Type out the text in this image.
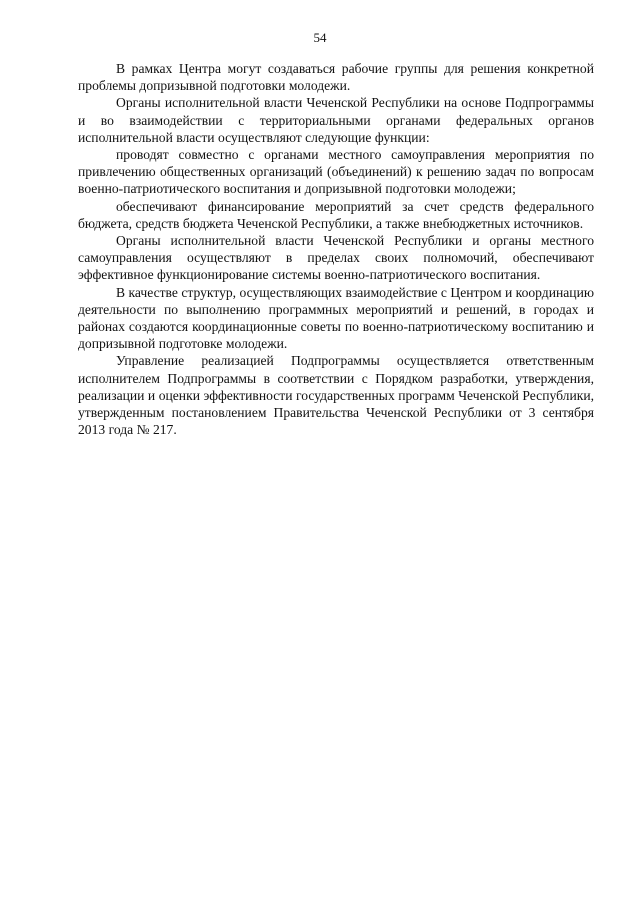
54

В рамках Центра могут создаваться рабочие группы для решения конкретной проблемы допризывной подготовки молодежи.

Органы исполнительной власти Чеченской Республики на основе Подпрограммы и во взаимодействии с территориальными органами федеральных органов исполнительной власти осуществляют следующие функции:

проводят совместно с органами местного самоуправления мероприятия по привлечению общественных организаций (объединений) к решению задач по вопросам военно-патриотического воспитания и допризывной подготовки молодежи;

обеспечивают финансирование мероприятий за счет средств федерального бюджета, средств бюджета Чеченской Республики, а также внебюджетных источников.

Органы исполнительной власти Чеченской Республики и органы местного самоуправления осуществляют в пределах своих полномочий, обеспечивают эффективное функционирование системы военно-патриотического воспитания.

В качестве структур, осуществляющих взаимодействие с Центром и координацию деятельности по выполнению программных мероприятий и решений, в городах и районах создаются координационные советы по военно-патриотическому воспитанию и допризывной подготовке молодежи.

Управление реализацией Подпрограммы осуществляется ответственным исполнителем Подпрограммы в соответствии с Порядком разработки, утверждения, реализации и оценки эффективности государственных программ Чеченской Республики, утвержденным постановлением Правительства Чеченской Республики от 3 сентября 2013 года № 217.
